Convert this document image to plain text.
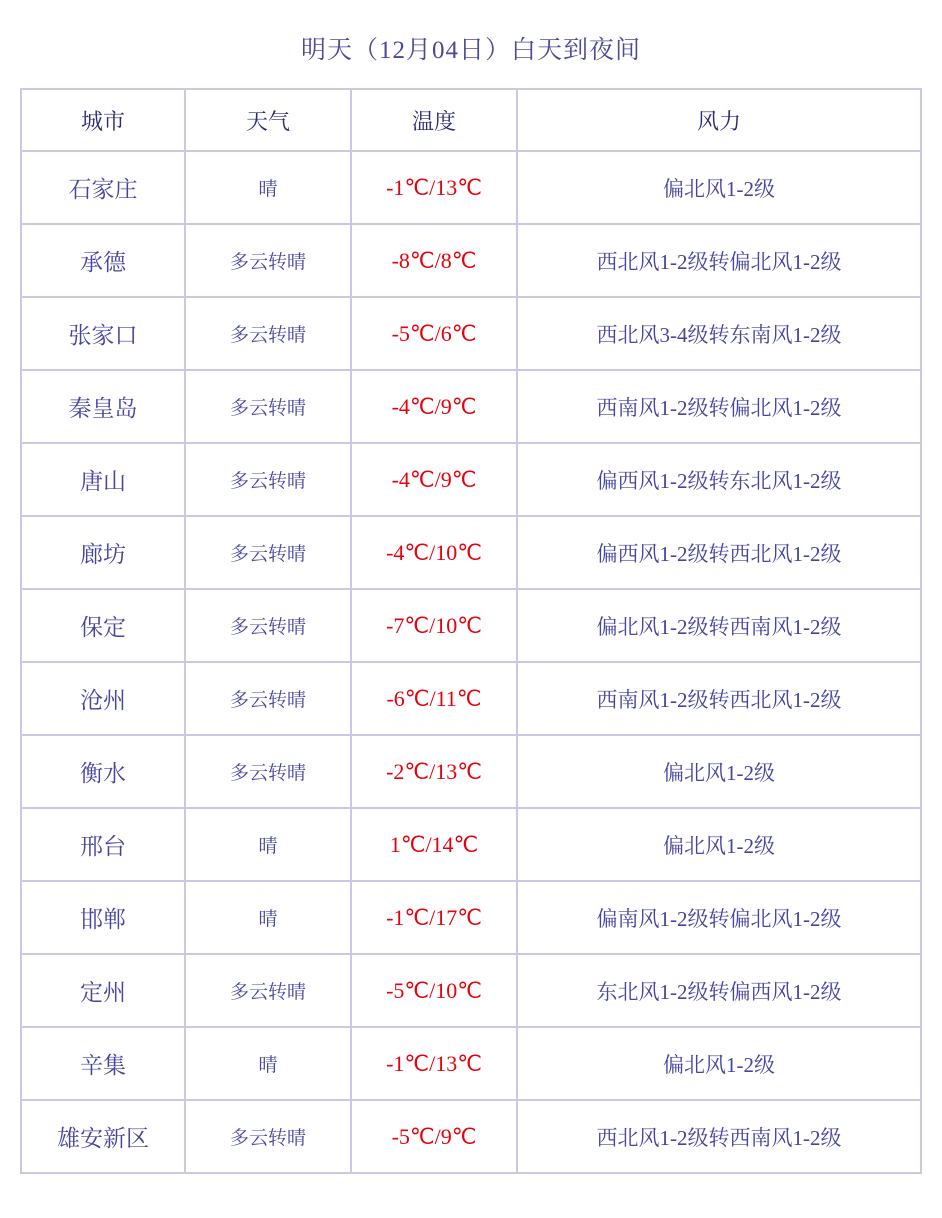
明天（12月04日）白天到夜间
城市	天气	温度	风力
石家庄	晴	-1℃/13℃	偏北风1-2级
承德	多云转晴	-8℃/8℃	西北风1-2级转偏北风1-2级
张家口	多云转晴	-5℃/6℃	西北风3-4级转东南风1-2级
秦皇岛	多云转晴	-4℃/9℃	西南风1-2级转偏北风1-2级
唐山	多云转晴	-4℃/9℃	偏西风1-2级转东北风1-2级
廊坊	多云转晴	-4℃/10℃	偏西风1-2级转西北风1-2级
保定	多云转晴	-7℃/10℃	偏北风1-2级转西南风1-2级
沧州	多云转晴	-6℃/11℃	西南风1-2级转西北风1-2级
衡水	多云转晴	-2℃/13℃	偏北风1-2级
邢台	晴	1℃/14℃	偏北风1-2级
邯郸	晴	-1℃/17℃	偏南风1-2级转偏北风1-2级
定州	多云转晴	-5℃/10℃	东北风1-2级转偏西风1-2级
辛集	晴	-1℃/13℃	偏北风1-2级
雄安新区	多云转晴	-5℃/9℃	西北风1-2级转西南风1-2级
